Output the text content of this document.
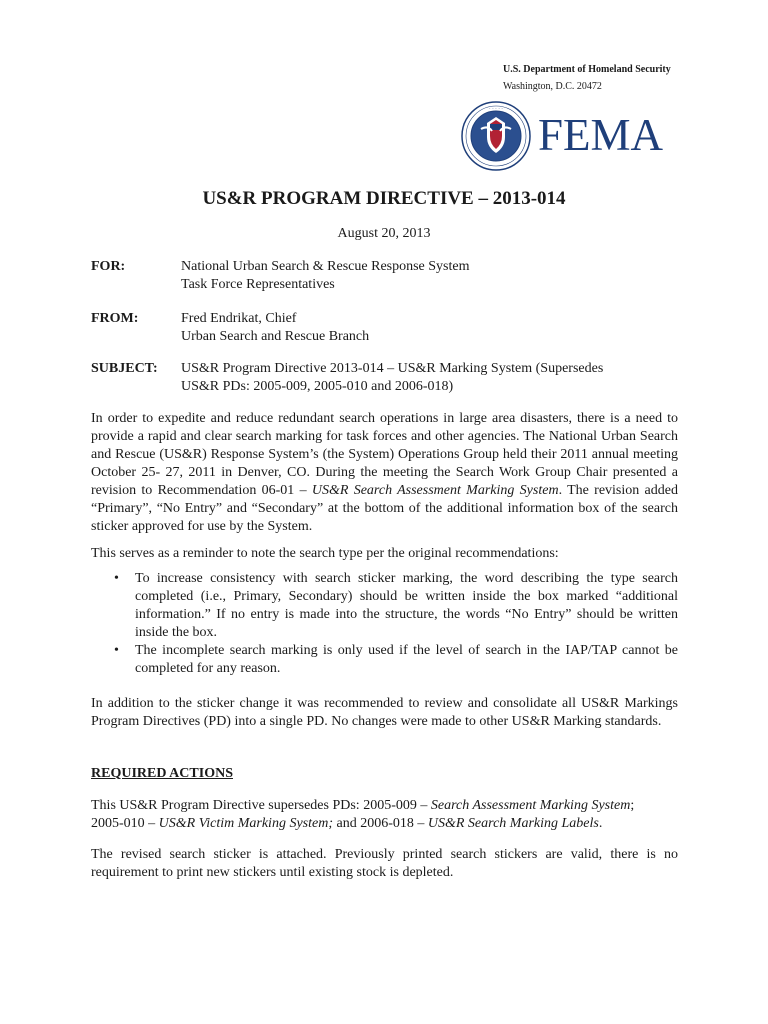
U.S. Department of Homeland Security
Washington, D.C. 20472
· · · · ·
FEMA
US&R PROGRAM DIRECTIVE – 2013-014
August 20, 2013
FOR:	National Urban Search & Rescue Response System
Task Force Representatives
FROM:	Fred Endrikat, Chief
Urban Search and Rescue Branch
SUBJECT: US&R Program Directive 2013-014 – US&R Marking System (Supersedes
US&R PDs: 2005-009, 2005-010 and 2006-018)

In order to expedite and reduce redundant search operations in large area disasters, there is a need to provide a rapid and clear search marking for task forces and other agencies. The National Urban Search and Rescue (US&R) Response System’s (the System) Operations Group held their 2011 annual meeting October 25- 27, 2011 in Denver, CO. During the meeting the Search Work Group Chair presented a revision to Recommendation 06-01 – US&R Search Assessment Marking System. The revision added “Primary”, “No Entry” and “Secondary” at the bottom of the additional information box of the search sticker approved for use by the System.

This serves as a reminder to note the search type per the original recommendations:

• To increase consistency with search sticker marking, the word describing the type search completed (i.e., Primary, Secondary) should be written inside the box marked “additional information.” If no entry is made into the structure, the words “No Entry” should be written inside the box.
• The incomplete search marking is only used if the level of search in the IAP/TAP cannot be completed for any reason.

In addition to the sticker change it was recommended to review and consolidate all US&R Markings Program Directives (PD) into a single PD. No changes were made to other US&R Marking standards.

REQUIRED ACTIONS

This US&R Program Directive supersedes PDs: 2005-009 – Search Assessment Marking System;
2005-010 – US&R Victim Marking System; and 2006-018 – US&R Search Marking Labels.

The revised search sticker is attached. Previously printed search stickers are valid, there is no requirement to print new stickers until existing stock is depleted.
